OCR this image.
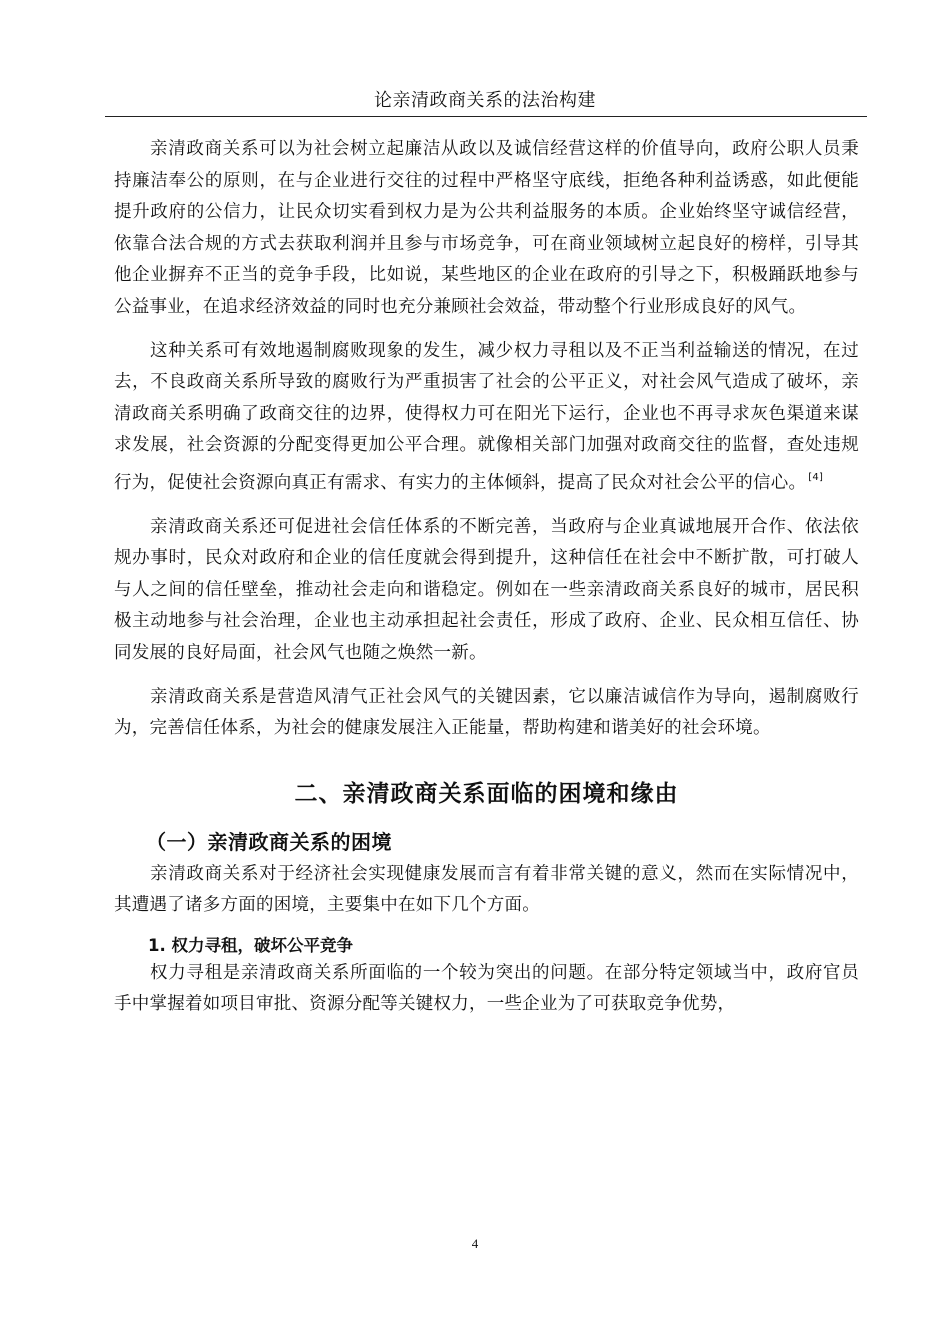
论亲清政商关系的法治构建

亲清政商关系可以为社会树立起廉洁从政以及诚信经营这样的价值导向，政府公职人员秉持廉洁奉公的原则，在与企业进行交往的过程中严格坚守底线，拒绝各种利益诱惑，如此便能提升政府的公信力，让民众切实看到权力是为公共利益服务的本质。企业始终坚守诚信经营，依靠合法合规的方式去获取利润并且参与市场竞争，可在商业领域树立起良好的榜样，引导其他企业摒弃不正当的竞争手段，比如说，某些地区的企业在政府的引导之下，积极踊跃地参与公益事业，在追求经济效益的同时也充分兼顾社会效益，带动整个行业形成良好的风气。

这种关系可有效地遏制腐败现象的发生，减少权力寻租以及不正当利益输送的情况，在过去，不良政商关系所导致的腐败行为严重损害了社会的公平正义，对社会风气造成了破坏，亲清政商关系明确了政商交往的边界，使得权力可在阳光下运行，企业也不再寻求灰色渠道来谋求发展，社会资源的分配变得更加公平合理。就像相关部门加强对政商交往的监督，查处违规行为，促使社会资源向真正有需求、有实力的主体倾斜，提高了民众对社会公平的信心。 [4]

亲清政商关系还可促进社会信任体系的不断完善，当政府与企业真诚地展开合作、依法依规办事时，民众对政府和企业的信任度就会得到提升，这种信任在社会中不断扩散，可打破人与人之间的信任壁垒，推动社会走向和谐稳定。例如在一些亲清政商关系良好的城市，居民积极主动地参与社会治理，企业也主动承担起社会责任，形成了政府、企业、民众相互信任、协同发展的良好局面，社会风气也随之焕然一新。

亲清政商关系是营造风清气正社会风气的关键因素，它以廉洁诚信作为导向，遏制腐败行为，完善信任体系，为社会的健康发展注入正能量，帮助构建和谐美好的社会环境。

二、亲清政商关系面临的困境和缘由
（一）亲清政商关系的困境

亲清政商关系对于经济社会实现健康发展而言有着非常关键的意义，然而在实际情况中，其遭遇了诸多方面的困境，主要集中在如下几个方面。

1. 权力寻租，破坏公平竞争

权力寻租是亲清政商关系所面临的一个较为突出的问题。在部分特定领域当中，政府官员手中掌握着如项目审批、资源分配等关键权力，一些企业为了可获取竞争优势，

4
